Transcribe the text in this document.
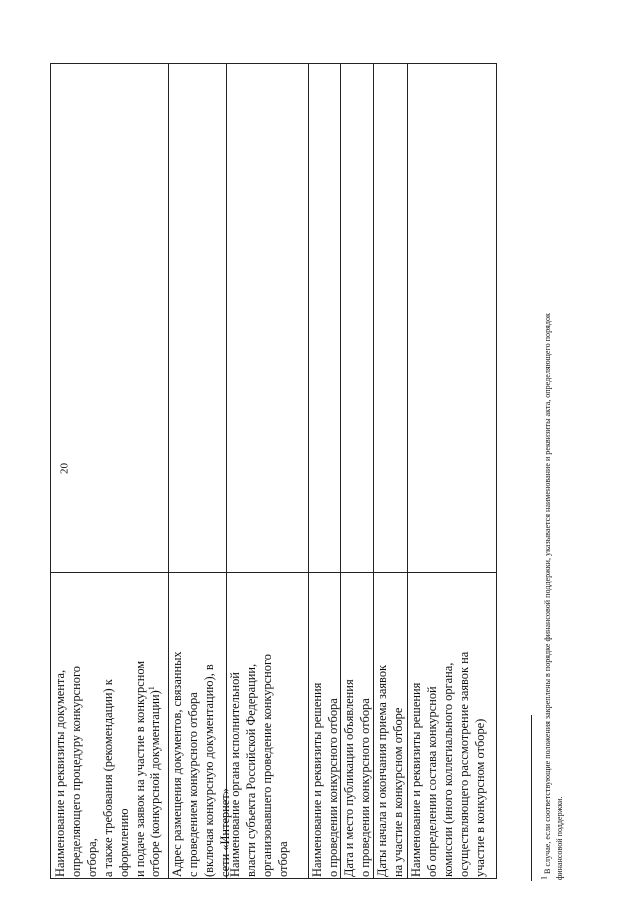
20
Наименование и реквизиты документа, определяющего процедуру конкурсного отбора, а также требования (рекомендации) к оформлению и подаче заявок на участие в конкурсном отборе (конкурсной документации)$^1$	Адрес размещения документов, связанных с проведением конкурсного отбора (включая конкурсную документацию), в сети «Интернет»
Наименование органа исполнительной власти субъекта Российской Федерации, организовавшего проведение конкурсного отбора Наименование и реквизиты решения о проведении конкурсного отбора Дата и место публикации объявления о проведении конкурсного отбора Даты начала и окончания приема заявок на участие в конкурсном отборе Наименование и реквизиты решения об определении состава конкурсной комиссии (иного коллегиального органа, осуществляющего рассмотрение заявок на участие в конкурсном отборе)
$^1$ В случае, если соответствующие положения закреплены в порядке финансовой поддержки, указывается наименование и реквизиты акта, определяющего порядок финансовой поддержки.
